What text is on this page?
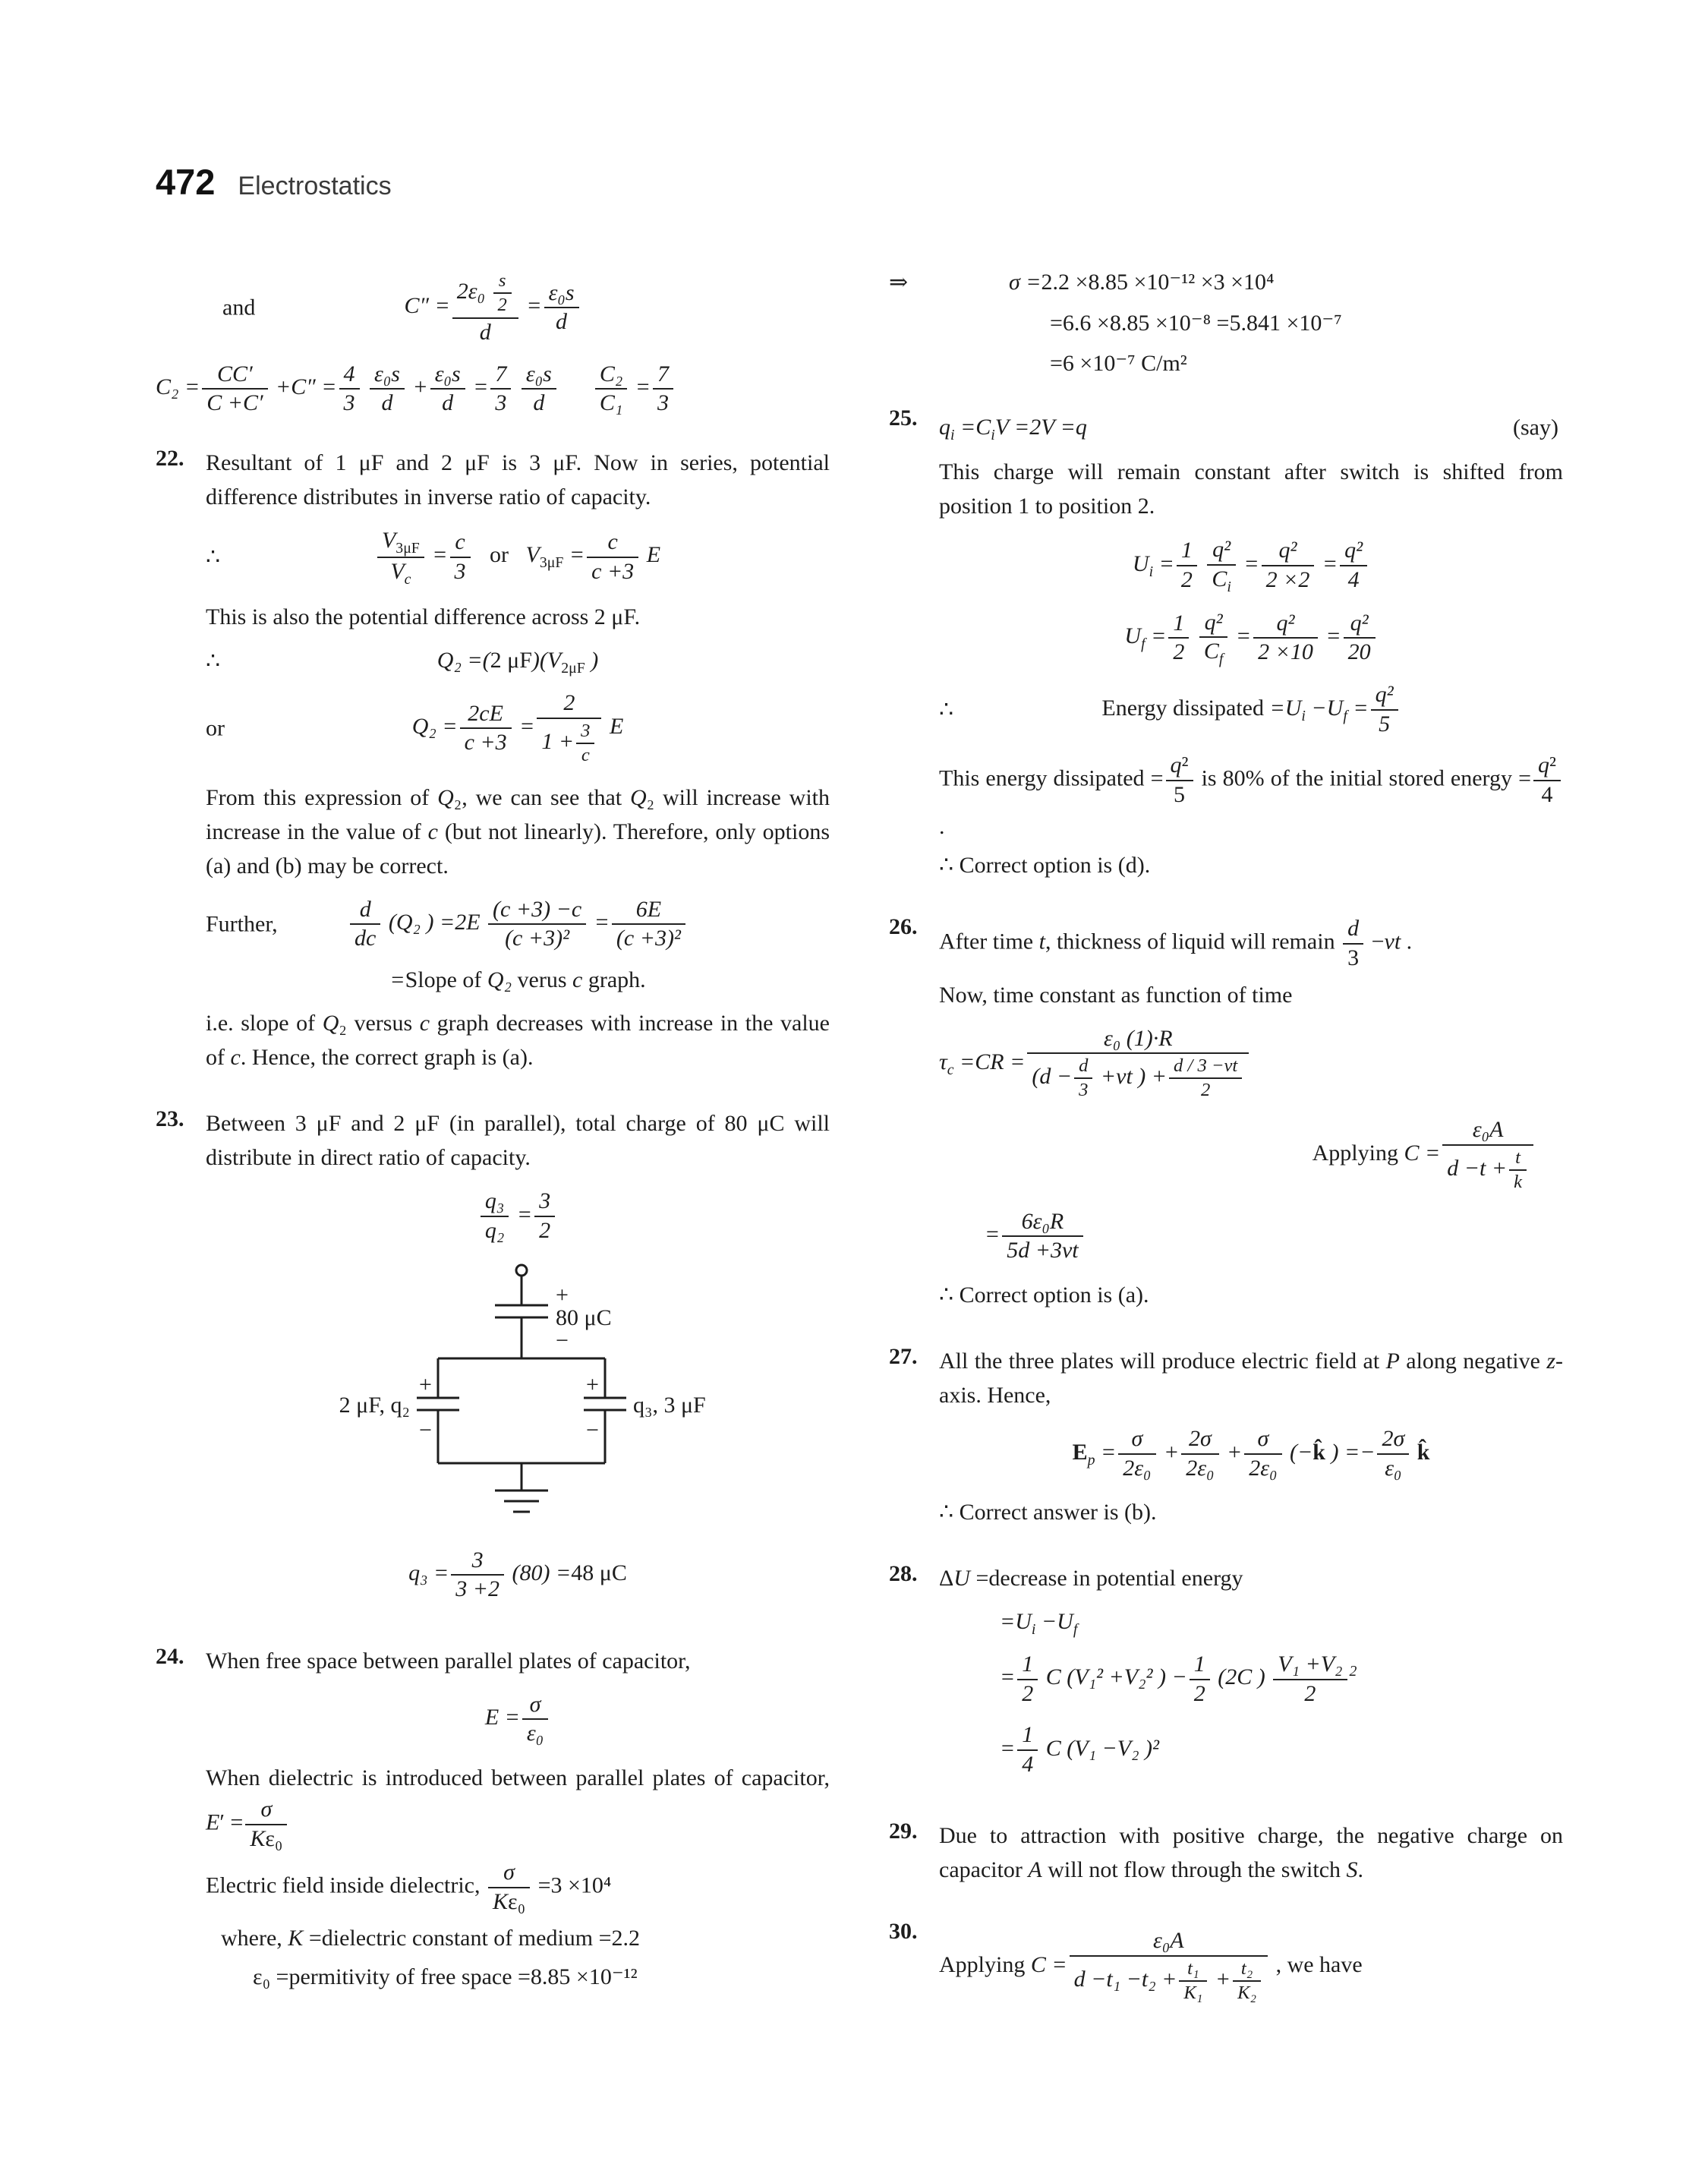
472 Electrostatics
and	$C'' = \frac{2\varepsilon_0 \frac{s}{2}}{d} = \frac{\text{ε₀s}}{d}$
$C_2 = \frac{CC'}{C +C'} +C'' = \frac{4}{3}$
$\frac{\text{ε₀s}}{d} + \frac{\text{ε₀s}}{d} = \frac{7}{3}$
$\frac{\text{ε₀s}}{d}$
$\frac{\text{C₂}}{\text{C₁}} = \frac{7}{3}$
22. Resultant of 1 μF and 2 μF is 3 μF. Now in series, potential difference distributes in inverse ratio of capacity.

∴	$\frac{V_{3\mu F}}{V_c} = \frac{c}{3}$ or   $V_{3\mu F} = \frac{c}{c +3}$ E

This is also the potential difference across 2 μF.

∴	Q₂ =(2 $\mu F)(V_{2\mu F}$ )
or	$Q_2 = \frac{2cE}{c +3} = \frac{2}{1 + \frac{3}{c}}$ E

From this expression of Q₂, we can see that Q₂ will increase with increase in the value of c (but not linearly). Therefore, only options (a) and (b) may be correct.

Further,	$\frac{d}{dc} (Q_2$ ) $=2E \frac{(c +3) -c}{\text{(c +3)²}} = \frac{6E}{\text{(c +3)²}}$
=Slope of Q₂ verus c graph.

i.e. slope of Q₂ versus c graph decreases with increase in the value of c. Hence, the correct graph is (a).

23. Between 3 μF and 2 μF (in parallel), total charge of 80 μC will distribute in direct ratio of capacity.

$\frac{\text{q₃}}{\text{q₂}} = \frac{3}{2}$
+
80 μC
−
+
2 μF, q₂
−
+
q₃, 3 μF
−
$q_3 = \frac{3}{3 +2} (80) =48$ μC
24. When free space between parallel plates of capacitor,

$E = \frac{\sigma}{\text{ε₀}}$

When dielectric is introduced between parallel plates of capacitor, $E' = \frac{\sigma}{\text{Kε₀}}$

Electric field inside dielectric, $\frac{\sigma}{\text{Kε₀}} =3 \times 10^4$

where, K =dielectric constant of medium =2.2

ε₀ =permitivity of free space =8.85 ×10⁻¹²

⇒	σ =2.2 ×8.85 ×10⁻¹² ×3 ×10⁴
=6.6 ×8.85 ×10⁻⁸ =5.841 ×10⁻⁷
=6 ×10⁻⁷ C/m²
25. $q_i =C_iV =2V =q$	(say)

This charge will remain constant after switch is shifted from position 1 to position 2.

$U_i = \frac{1}{2}$
$\frac{\text{q²}}{C_i} = \frac{\text{q²}}{2 \times 2} = \frac{\text{q²}}{4}$
$U_f = \frac{1}{2}$
$\frac{\text{q²}}{C_f} = \frac{\text{q²}}{2 \times 10} = \frac{\text{q²}}{20}$
∴	Energy dissipated $=U_i -U_f = \frac{\text{q²}}{5}$

This energy dissipated = $\frac{\text{q²}}{5}$ is 80% of the initial stored energy = $\frac{\text{q²}}{4}$
.

∴ Correct option is (d).

26.

After time t, thickness of liquid will remain $\frac{d}{3} -vt$ .

Now, time constant as function of time

$\tau_c =CR = \frac{\text{ε₀ (1)·R}}{(d - \frac{d}{3} +vt ) + \frac{d / 3 -vt}{2}}$
Applying $C = \frac{\text{ε₀A}}{d -t + \frac{t}{k}}$
= $\frac{\text{6ε₀R}}{5d +3vt}$

∴ Correct option is (a).

27. All the three plates will produce electric field at P along negative z-axis. Hence,

$E_p = \frac{\sigma}{\text{2ε₀}} + \frac{2\sigma}{\text{2ε₀}} + \frac{\sigma}{\text{2ε₀}}$ (−k̂ ) =− $\frac{2\sigma}{\text{ε₀}}$ k̂

∴ Correct answer is (b).

28. ΔU =decrease in potential energy

$=U_i -U_f$
= $\frac{1}{2}$ C (V₁² +V₂² ) − $\frac{1}{2} (2C$ ) $\frac{\text{V₁ +V₂}}{2} ^2$
= $\frac{1}{4}$ C (V₁ −V₂ )²
29. Due to attraction with positive charge, the negative charge on capacitor A will not flow through the switch S.

30.
Applying $C = \frac{\text{ε₀A}}{d -t_1 -t_2 + \frac{\text{t₁}}{\text{K₁}} + \frac{\text{t₂}}{\text{K₂}}}$ , we have
